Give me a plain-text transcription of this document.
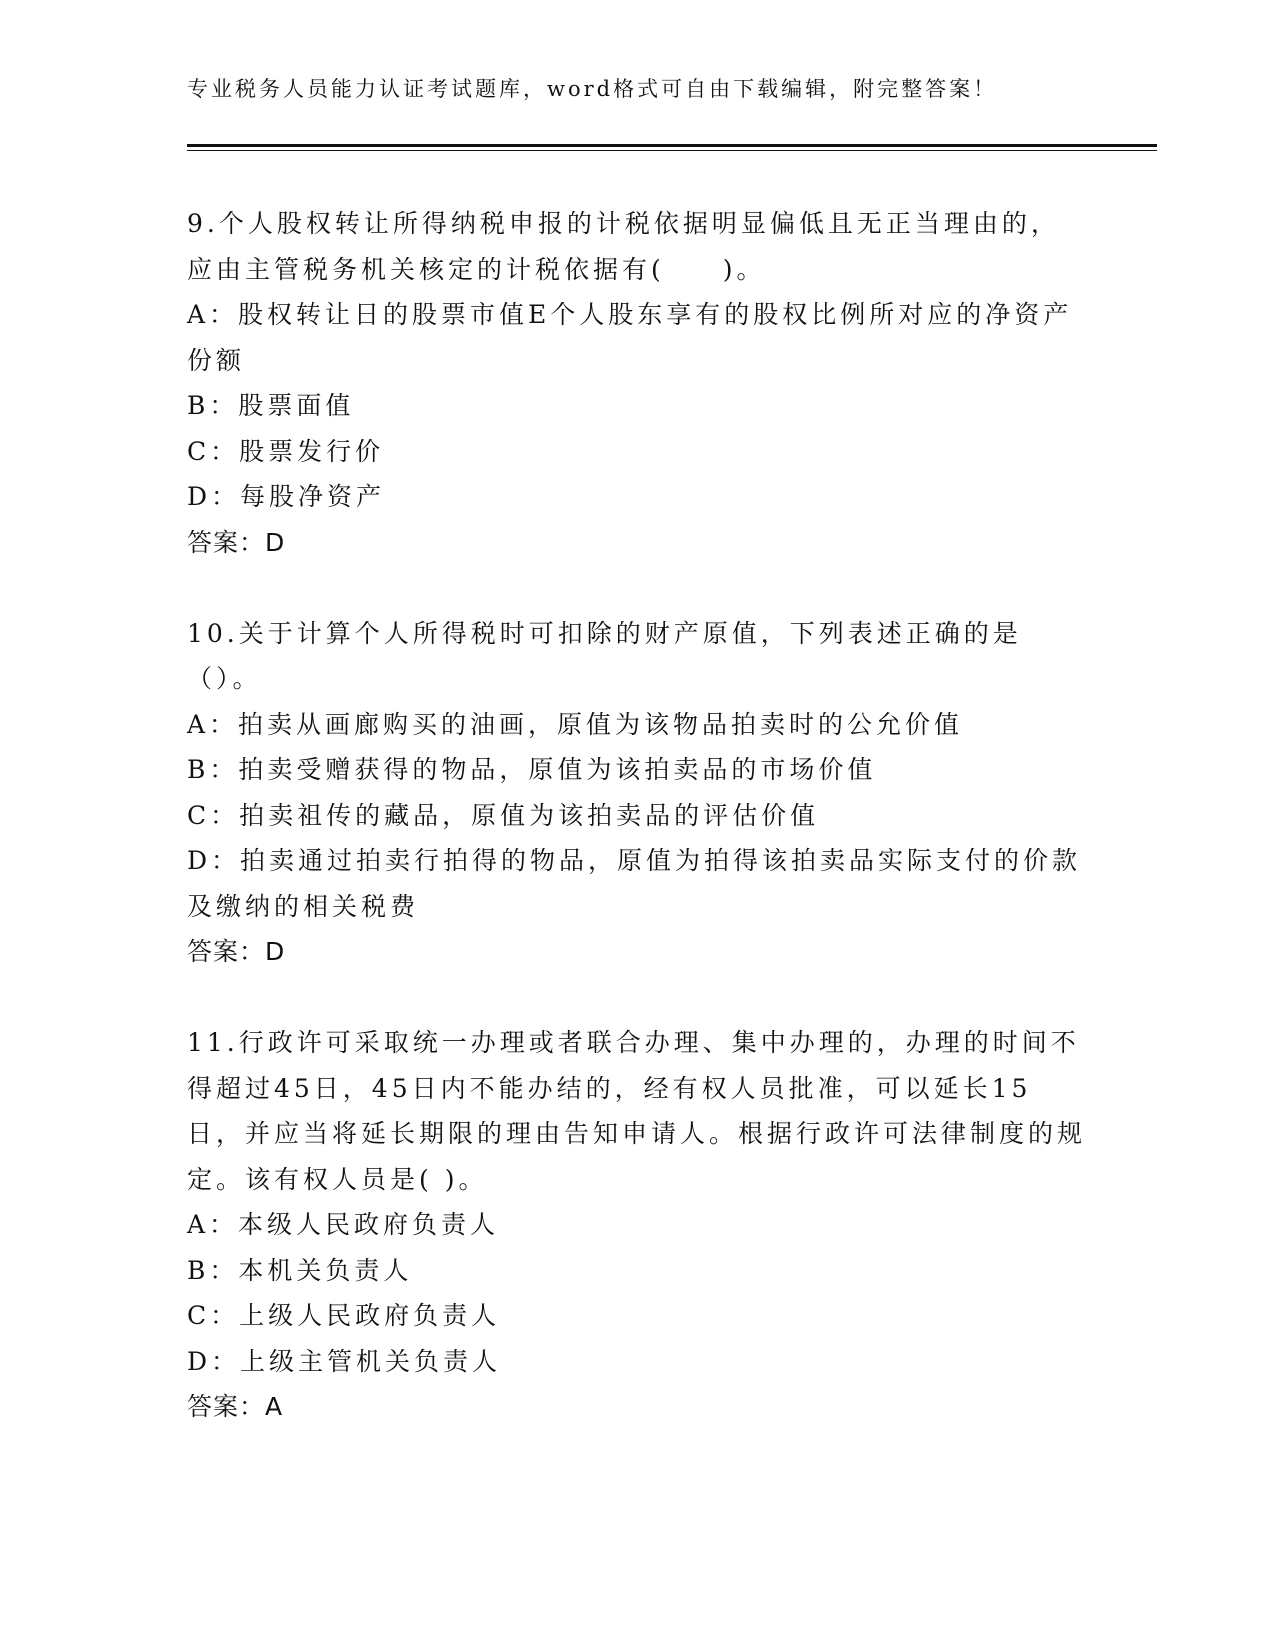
专业税务人员能力认证考试题库，word格式可自由下载编辑，附完整答案！

9.个人股权转让所得纳税申报的计税依据明显偏低且无正当理由的，应由主管税务机关核定的计税依据有(　　)。

A：股权转让日的股票市值E个人股东享有的股权比例所对应的净资产份额

B：股票面值

C：股票发行价

D：每股净资产

答案：D

10.关于计算个人所得税时可扣除的财产原值，下列表述正确的是（）。

A：拍卖从画廊购买的油画，原值为该物品拍卖时的公允价值

B：拍卖受赠获得的物品，原值为该拍卖品的市场价值

C：拍卖祖传的藏品，原值为该拍卖品的评估价值

D：拍卖通过拍卖行拍得的物品，原值为拍得该拍卖品实际支付的价款及缴纳的相关税费

答案：D

11.行政许可采取统一办理或者联合办理、集中办理的，办理的时间不得超过45日，45日内不能办结的，经有权人员批准，可以延长15日，并应当将延长期限的理由告知申请人。根据行政许可法律制度的规定。该有权人员是( )。

A：本级人民政府负责人

B：本机关负责人

C：上级人民政府负责人

D：上级主管机关负责人

答案：A
